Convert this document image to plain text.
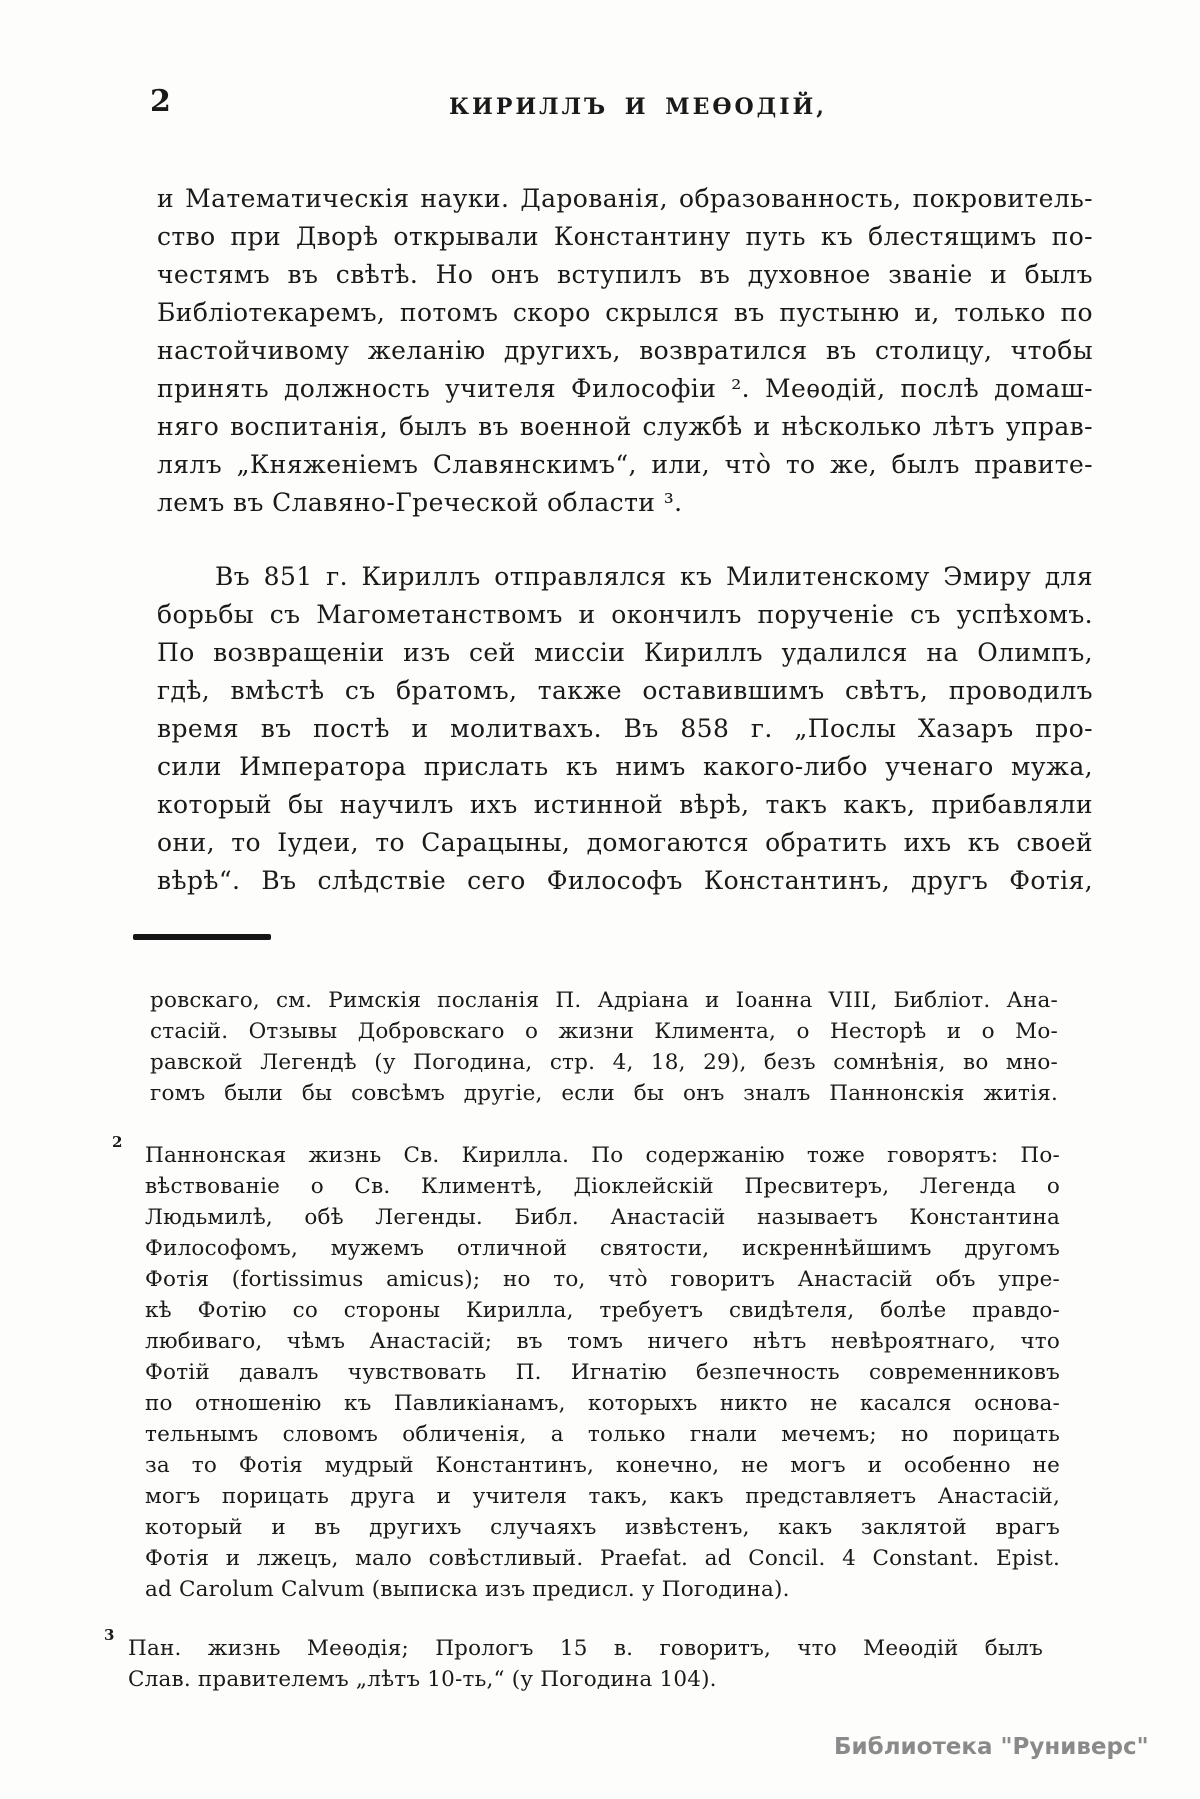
2	КИРИЛЛЪ И МЕѲОДІЙ,
и Математическія науки. Дарованія, образованность, покровитель-
ство при Дворѣ открывали Константину путь къ блестящимъ по-
честямъ въ свѣтѣ. Но онъ вступилъ въ духовное званіе и былъ
Библіотекаремъ, потомъ скоро скрылся въ пустыню и, только по
настойчивому желанію другихъ, возвратился въ столицу, чтобы
принять должность учителя Философіи ². Меѳодій, послѣ домаш-
няго воспитанія, былъ въ военной службѣ и нѣсколько лѣтъ управ-
лялъ „Княженіемъ Славянскимъ“, или, что̀ то же, былъ правите-
лемъ въ Славяно-Греческой области ³.
Въ 851 г. Кириллъ отправлялся къ Милитенскому Эмиру для
борьбы съ Магометанствомъ и окончилъ порученіе съ успѣхомъ.
По возвращеніи изъ сей миссіи Кириллъ удалился на Олимпъ,
гдѣ, вмѣстѣ съ братомъ, также оставившимъ свѣтъ, проводилъ
время въ постѣ и молитвахъ. Въ 858 г. „Послы Хазаръ про-
сили Императора прислать къ нимъ какого-либо ученаго мужа,
который бы научилъ ихъ истинной вѣрѣ, такъ какъ, прибавляли
они, то Іудеи, то Сарацыны, домогаются обратить ихъ къ своей
вѣрѣ“. Въ слѣдствіе сего Философъ Константинъ, другъ Фотія,
ровскаго, см. Римскія посланія П. Адріана и Іоанна VIII, Библіот. Ана-
стасій. Отзывы Добровскаго о жизни Климента, о Несторѣ и о Мо-
равской Легендѣ (у Погодина, стр. 4, 18, 29), безъ сомнѣнія, во мно-
гомъ были бы совсѣмъ другіе, если бы онъ зналъ Паннонскія житія.
2
Паннонская жизнь Св. Кирилла. По содержанію тоже говорятъ: По-
вѣствованіе о Св. Климентѣ, Діоклейскій Пресвитеръ, Легенда о
Людьмилѣ, обѣ Легенды. Библ. Анастасій называетъ Константина
Философомъ, мужемъ отличной святости, искреннѣйшимъ другомъ
Фотія (fortissimus amicus); но то, что̀ говоритъ Анастасій объ упре-
кѣ Фотію со стороны Кирилла, требуетъ свидѣтеля, болѣе правдо-
любиваго, чѣмъ Анастасій; въ томъ ничего нѣтъ невѣроятнаго, что
Фотій давалъ чувствовать П. Игнатію безпечность современниковъ
по отношенію къ Павликіанамъ, которыхъ никто не касался основа-
тельнымъ словомъ обличенія, а только гнали мечемъ; но порицать
за то Фотія мудрый Константинъ, конечно, не могъ и особенно не
могъ порицать друга и учителя такъ, какъ представляетъ Анастасій,
который и въ другихъ случаяхъ извѣстенъ, какъ заклятой врагъ
Фотія и лжецъ, мало совѣстливый. Praefat. ad Concil. 4 Constant. Epist.
ad Carolum Calvum (выписка изъ предисл. у Погодина).
3
Пан. жизнь Меѳодія; Прологъ 15 в. говоритъ, что Меѳодій былъ
Слав. правителемъ „лѣтъ 10-ть,“ (у Погодина 104).
Библиотека "Руниверс"
